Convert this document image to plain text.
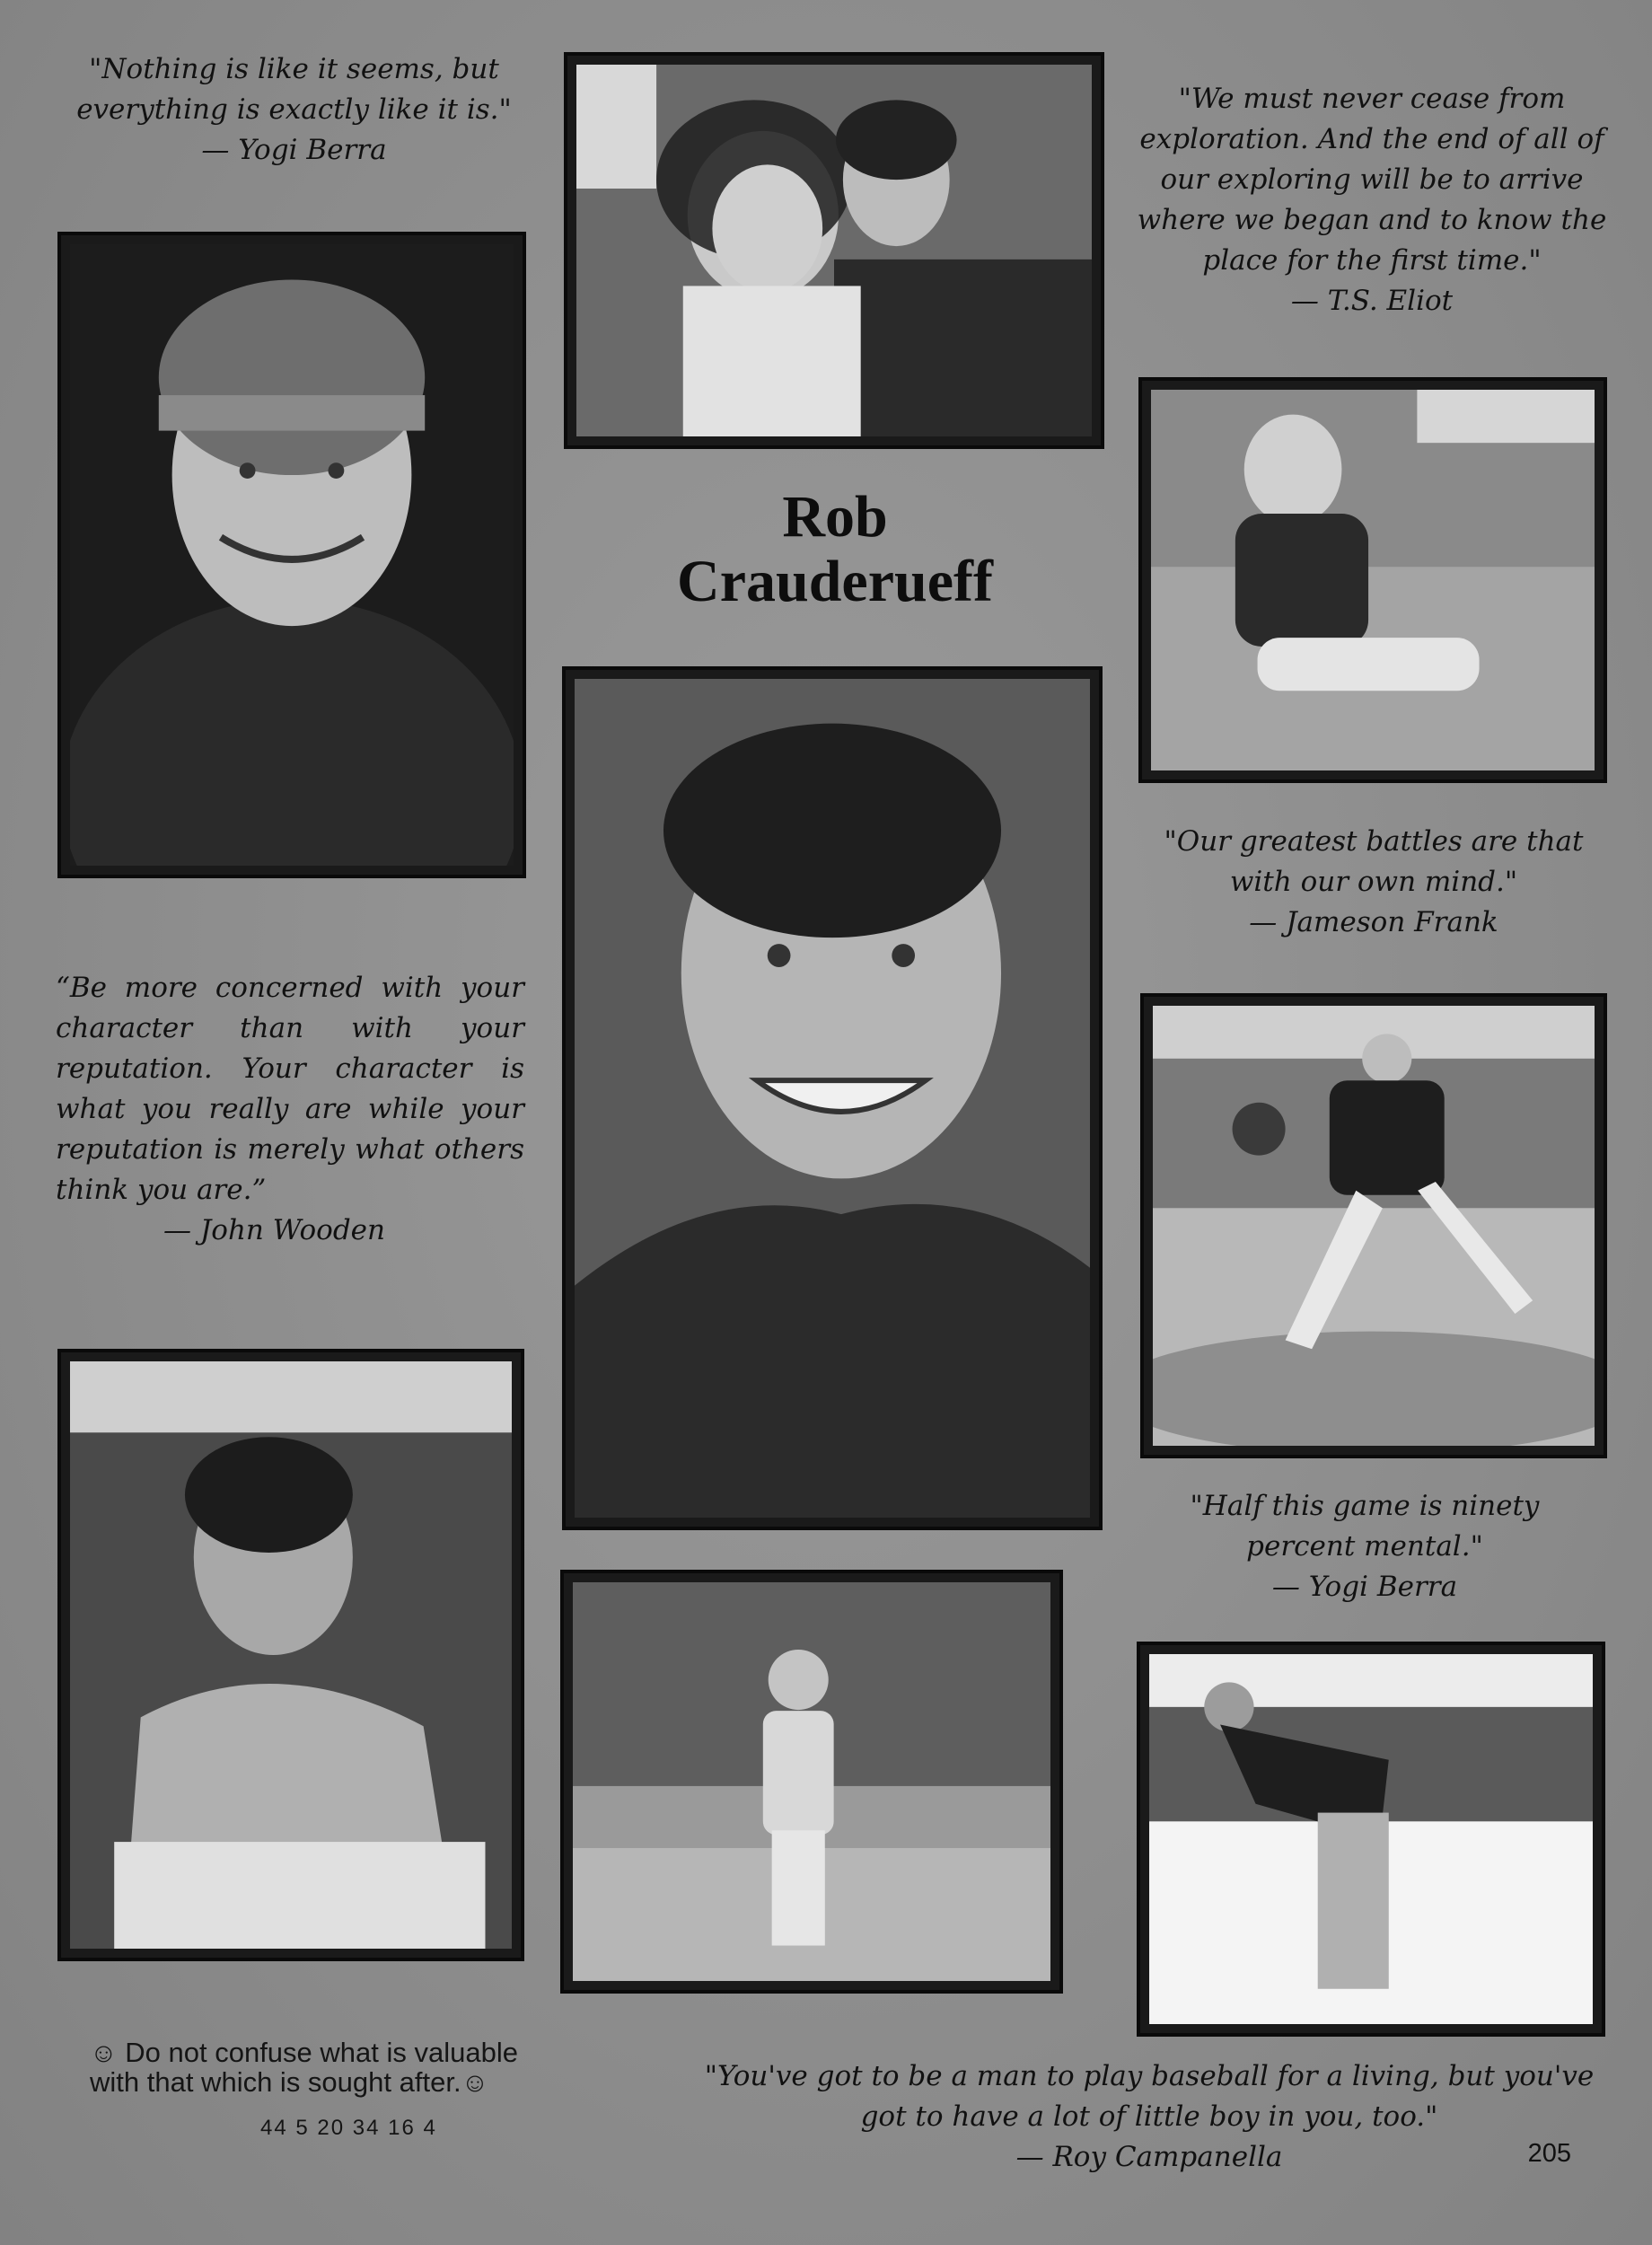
"Nothing is like it seems, but everything is exactly like it is."
— Yogi Berra
"We must never cease from exploration. And the end of all of our exploring will be to arrive where we began and to know the place for the first time."
— T.S. Eliot
Rob
Crauderueff
"Our greatest battles are that with our own mind."
— Jameson Frank
“Be more concerned with your character than with your reputation. Your character is what you really are while your reputation is merely what others think you are.”
— John Wooden
"Half this game is ninety percent mental."
— Yogi Berra
☺ Do not confuse what is valuable
with that which is sought after.☺
44 5 20 34 16 4
"You've got to be a man to play baseball for a living, but you've got to have a lot of little boy in you, too."
— Roy Campanella	205
